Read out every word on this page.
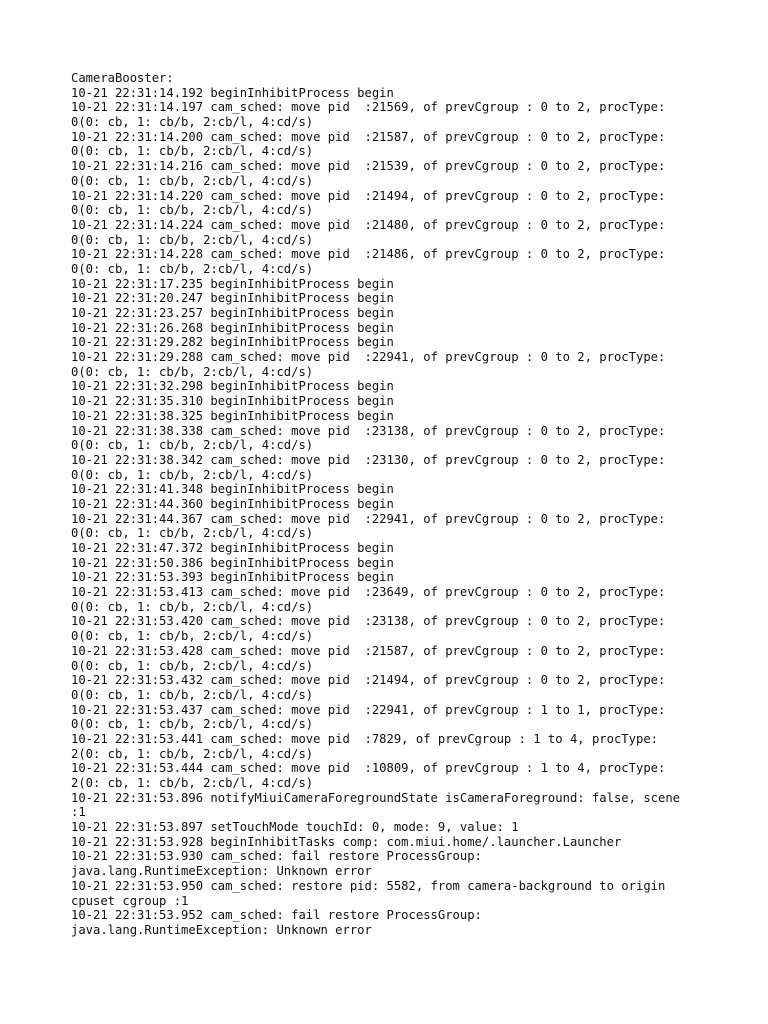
CameraBooster:
10-21 22:31:14.192 beginInhibitProcess begin
10-21 22:31:14.197 cam_sched: move pid  :21569, of prevCgroup : 0 to 2, procType:
0(0: cb, 1: cb/b, 2:cb/l, 4:cd/s)
10-21 22:31:14.200 cam_sched: move pid  :21587, of prevCgroup : 0 to 2, procType:
0(0: cb, 1: cb/b, 2:cb/l, 4:cd/s)
10-21 22:31:14.216 cam_sched: move pid  :21539, of prevCgroup : 0 to 2, procType:
0(0: cb, 1: cb/b, 2:cb/l, 4:cd/s)
10-21 22:31:14.220 cam_sched: move pid  :21494, of prevCgroup : 0 to 2, procType:
0(0: cb, 1: cb/b, 2:cb/l, 4:cd/s)
10-21 22:31:14.224 cam_sched: move pid  :21480, of prevCgroup : 0 to 2, procType:
0(0: cb, 1: cb/b, 2:cb/l, 4:cd/s)
10-21 22:31:14.228 cam_sched: move pid  :21486, of prevCgroup : 0 to 2, procType:
0(0: cb, 1: cb/b, 2:cb/l, 4:cd/s)
10-21 22:31:17.235 beginInhibitProcess begin
10-21 22:31:20.247 beginInhibitProcess begin
10-21 22:31:23.257 beginInhibitProcess begin
10-21 22:31:26.268 beginInhibitProcess begin
10-21 22:31:29.282 beginInhibitProcess begin
10-21 22:31:29.288 cam_sched: move pid  :22941, of prevCgroup : 0 to 2, procType:
0(0: cb, 1: cb/b, 2:cb/l, 4:cd/s)
10-21 22:31:32.298 beginInhibitProcess begin
10-21 22:31:35.310 beginInhibitProcess begin
10-21 22:31:38.325 beginInhibitProcess begin
10-21 22:31:38.338 cam_sched: move pid  :23138, of prevCgroup : 0 to 2, procType:
0(0: cb, 1: cb/b, 2:cb/l, 4:cd/s)
10-21 22:31:38.342 cam_sched: move pid  :23130, of prevCgroup : 0 to 2, procType:
0(0: cb, 1: cb/b, 2:cb/l, 4:cd/s)
10-21 22:31:41.348 beginInhibitProcess begin
10-21 22:31:44.360 beginInhibitProcess begin
10-21 22:31:44.367 cam_sched: move pid  :22941, of prevCgroup : 0 to 2, procType:
0(0: cb, 1: cb/b, 2:cb/l, 4:cd/s)
10-21 22:31:47.372 beginInhibitProcess begin
10-21 22:31:50.386 beginInhibitProcess begin
10-21 22:31:53.393 beginInhibitProcess begin
10-21 22:31:53.413 cam_sched: move pid  :23649, of prevCgroup : 0 to 2, procType:
0(0: cb, 1: cb/b, 2:cb/l, 4:cd/s)
10-21 22:31:53.420 cam_sched: move pid  :23138, of prevCgroup : 0 to 2, procType:
0(0: cb, 1: cb/b, 2:cb/l, 4:cd/s)
10-21 22:31:53.428 cam_sched: move pid  :21587, of prevCgroup : 0 to 2, procType:
0(0: cb, 1: cb/b, 2:cb/l, 4:cd/s)
10-21 22:31:53.432 cam_sched: move pid  :21494, of prevCgroup : 0 to 2, procType:
0(0: cb, 1: cb/b, 2:cb/l, 4:cd/s)
10-21 22:31:53.437 cam_sched: move pid  :22941, of prevCgroup : 1 to 1, procType:
0(0: cb, 1: cb/b, 2:cb/l, 4:cd/s)
10-21 22:31:53.441 cam_sched: move pid  :7829, of prevCgroup : 1 to 4, procType:
2(0: cb, 1: cb/b, 2:cb/l, 4:cd/s)
10-21 22:31:53.444 cam_sched: move pid  :10809, of prevCgroup : 1 to 4, procType:
2(0: cb, 1: cb/b, 2:cb/l, 4:cd/s)
10-21 22:31:53.896 notifyMiuiCameraForegroundState isCameraForeground: false, scene
:1
10-21 22:31:53.897 setTouchMode touchId: 0, mode: 9, value: 1
10-21 22:31:53.928 beginInhibitTasks comp: com.miui.home/.launcher.Launcher
10-21 22:31:53.930 cam_sched: fail restore ProcessGroup:
java.lang.RuntimeException: Unknown error
10-21 22:31:53.950 cam_sched: restore pid: 5582, from camera-background to origin
cpuset cgroup :1
10-21 22:31:53.952 cam_sched: fail restore ProcessGroup:
java.lang.RuntimeException: Unknown error
